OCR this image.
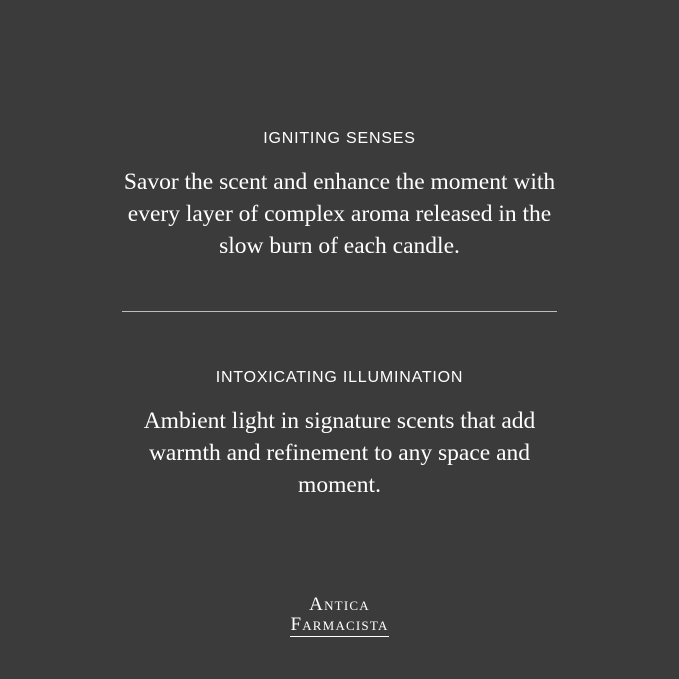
IGNITING SENSES

Savor the scent and enhance the moment with every layer of complex aroma released in the slow burn of each candle.

INTOXICATING ILLUMINATION

Ambient light in signature scents that add warmth and refinement to any space and moment.

Antica
Farmacista
